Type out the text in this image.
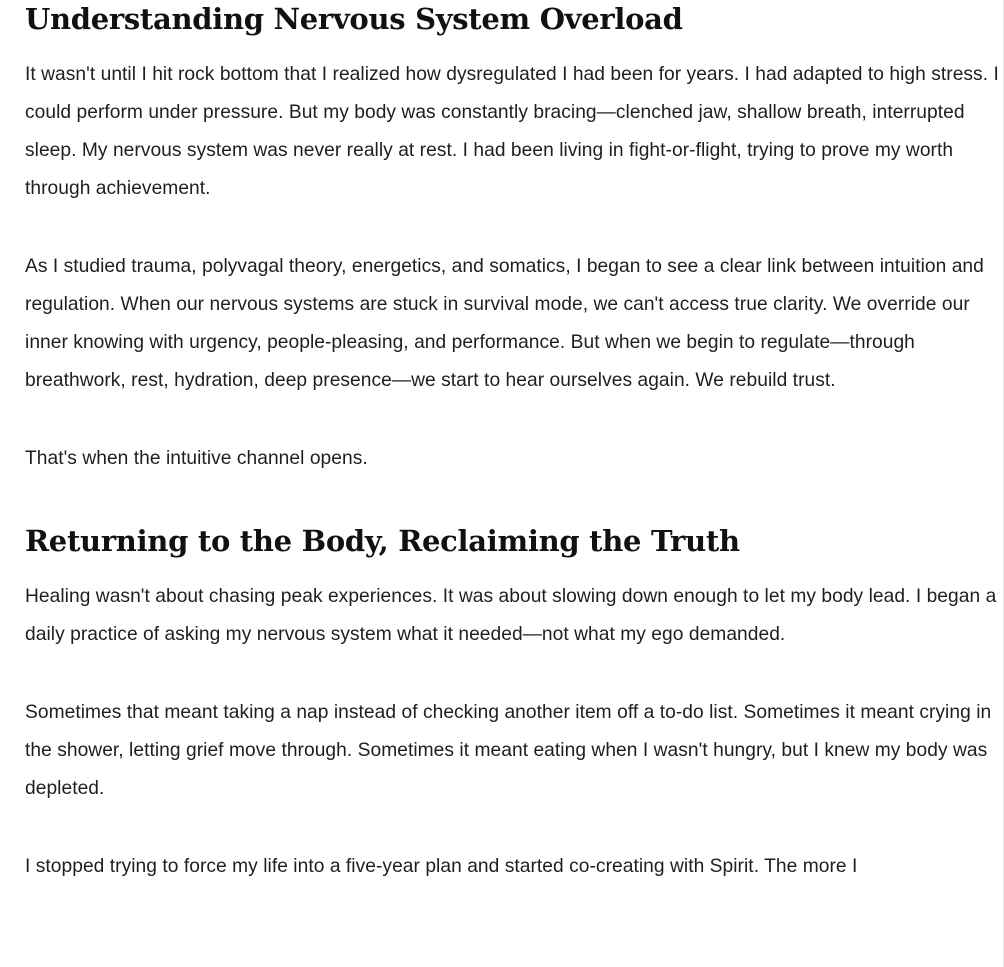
Understanding Nervous System Overload

It wasn't until I hit rock bottom that I realized how dysregulated I had been for years. I had adapted to high stress. I could perform under pressure. But my body was constantly bracing—clenched jaw, shallow breath, interrupted sleep. My nervous system was never really at rest. I had been living in fight-or-flight, trying to prove my worth through achievement.

As I studied trauma, polyvagal theory, energetics, and somatics, I began to see a clear link between intuition and regulation. When our nervous systems are stuck in survival mode, we can't access true clarity. We override our inner knowing with urgency, people-pleasing, and performance. But when we begin to regulate—through breathwork, rest, hydration, deep presence—we start to hear ourselves again. We rebuild trust.

That's when the intuitive channel opens.

Returning to the Body, Reclaiming the Truth

Healing wasn't about chasing peak experiences. It was about slowing down enough to let my body lead. I began a daily practice of asking my nervous system what it needed—not what my ego demanded.

Sometimes that meant taking a nap instead of checking another item off a to-do list. Sometimes it meant crying in the shower, letting grief move through. Sometimes it meant eating when I wasn't hungry, but I knew my body was depleted.

I stopped trying to force my life into a five-year plan and started co-creating with Spirit. The more I
